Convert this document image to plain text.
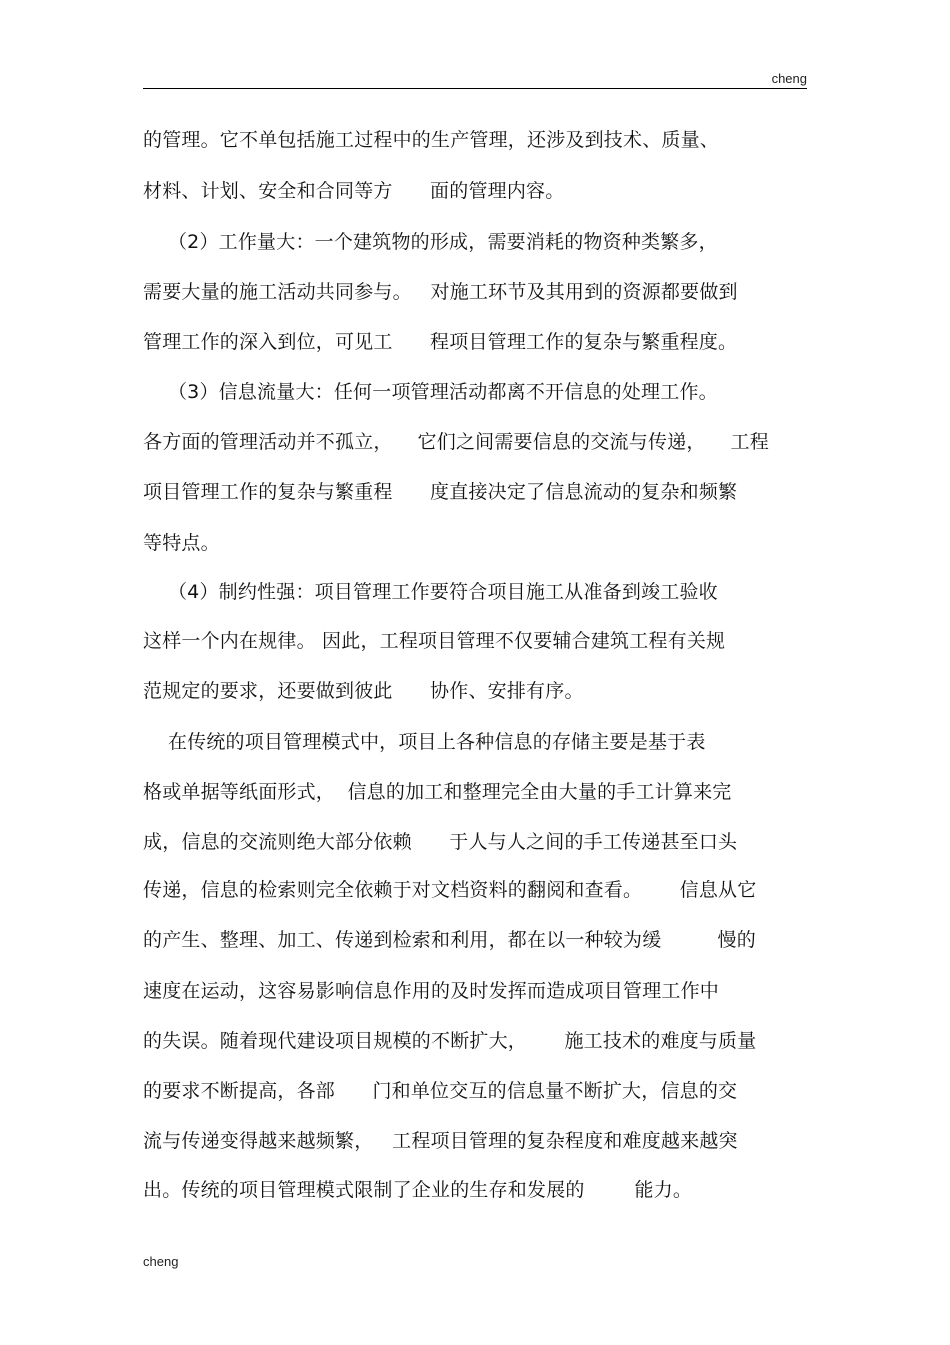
cheng
的管理。它不单包括施工过程中的生产管理，还涉及到技术、质量、
材料、计划、安全和合同等方      面的管理内容。
（2）工作量大：一个建筑物的形成，需要消耗的物资种类繁多，
需要大量的施工活动共同参与。   对施工环节及其用到的资源都要做到
管理工作的深入到位，可见工      程项目管理工作的复杂与繁重程度。
（3）信息流量大：任何一项管理活动都离不开信息的处理工作。
各方面的管理活动并不孤立，    它们之间需要信息的交流与传递，    工程
项目管理工作的复杂与繁重程      度直接决定了信息流动的复杂和频繁
等特点。
（4）制约性强：项目管理工作要符合项目施工从准备到竣工验收
这样一个内在规律。 因此，工程项目管理不仅要辅合建筑工程有关规
范规定的要求，还要做到彼此      协作、安排有序。
在传统的项目管理模式中，项目上各种信息的存储主要是基于表
格或单据等纸面形式，  信息的加工和整理完全由大量的手工计算来完
成，信息的交流则绝大部分依赖      于人与人之间的手工传递甚至口头
传递，信息的检索则完全依赖于对文档资料的翻阅和查看。      信息从它
的产生、整理、加工、传递到检索和利用，都在以一种较为缓         慢的
速度在运动，这容易影响信息作用的及时发挥而造成项目管理工作中
的失误。随着现代建设项目规模的不断扩大，      施工技术的难度与质量
的要求不断提高，各部      门和单位交互的信息量不断扩大，信息的交
流与传递变得越来越频繁，   工程项目管理的复杂程度和难度越来越突
出。传统的项目管理模式限制了企业的生存和发展的        能力。
cheng
